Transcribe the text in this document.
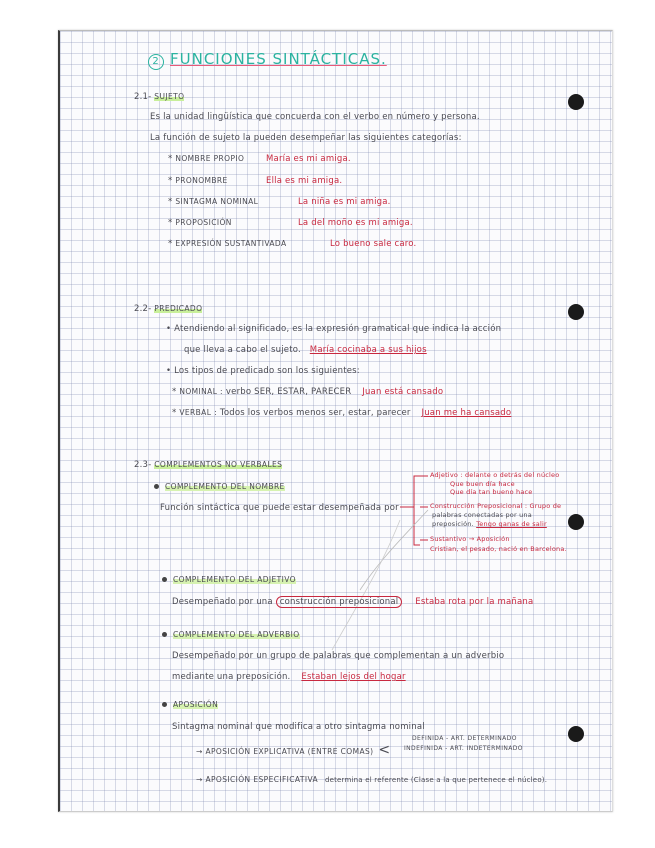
2 FUNCIONES SINTÁCTICAS.
2.1- SUJETO
Es la unidad lingüística que concuerda con el verbo en número y persona.
La función de sujeto la pueden desempeñar las siguientes categorías:
* NOMBRE PROPIO	María es mi amiga.
* PRONOMBRE	Ella es mi amiga.
* SINTAGMA NOMINAL	La niña es mi amiga.
* PROPOSICIÓN	La del moño es mi amiga.
* EXPRESIÓN SUSTANTIVADA	Lo bueno sale caro.
2.2- PREDICADO
• Atendiendo al significado, es la expresión gramatical que indica la acción
que lleva a cabo el sujeto. María cocinaba a sus hijos
• Los tipos de predicado son los siguientes:
* NOMINAL : verbo SER, ESTAR, PARECER Juan está cansado
* VERBAL : Todos los verbos menos ser, estar, parecer Juan me ha cansado
2.3- COMPLEMENTOS NO VERBALES
COMPLEMENTO DEL NOMBRE
Función sintáctica que puede estar desempeñada por
Adjetivo : delante o detrás del núcleo
Que buen día hace
Que día tan bueno hace
Construcción Preposicional : Grupo de
palabras conectadas por una
preposición. Tengo ganas de salir
Sustantivo → Aposición
Cristian, el pesado, nació en Barcelona.
COMPLEMENTO DEL ADJETIVO
Desempeñado por una construcción preposicional Estaba rota por la mañana
COMPLEMENTO DEL ADVERBIO
Desempeñado por un grupo de palabras que complementan a un adverbio
mediante una preposición. Estaban lejos del hogar
APOSICIÓN
Sintagma nominal que modifica a otro sintagma nominal
→ APOSICIÓN EXPLICATIVA (ENTRE COMAS) <
DEFINIDA - ART. DETERMINADO
INDEFINIDA - ART. INDETERMINADO
→ APOSICIÓN ESPECIFICATIVA determina el referente (Clase a la que pertenece el núcleo).
